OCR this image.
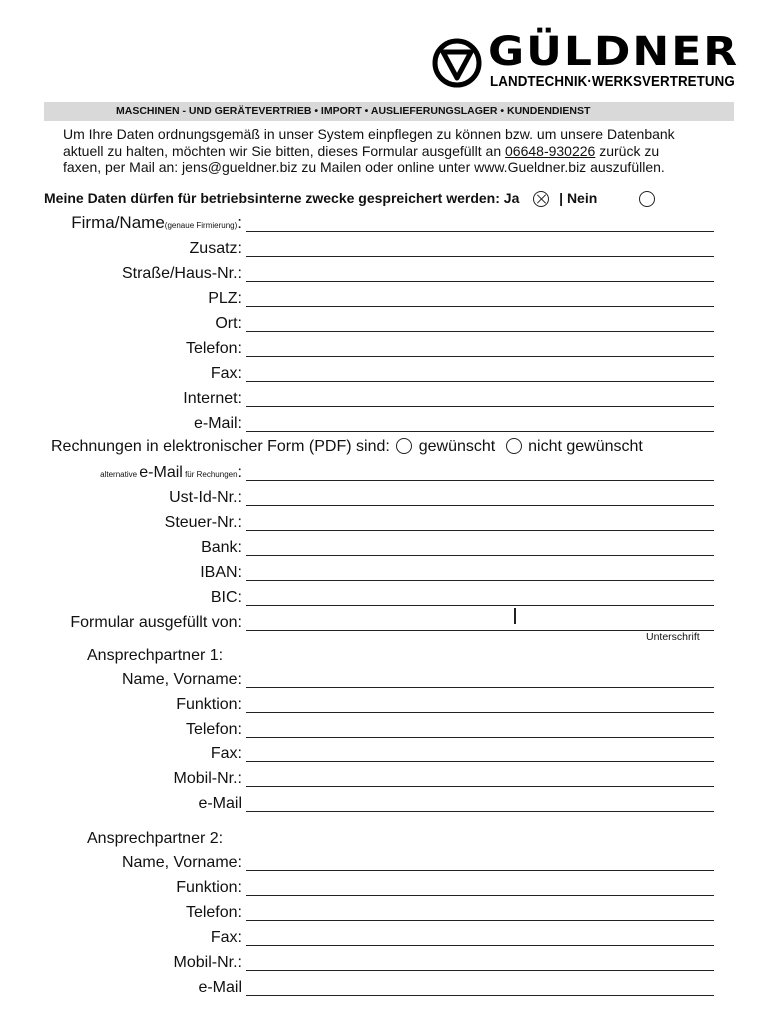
GÜLDNER
LANDTECHNIK·WERKSVERTRETUNG
MASCHINEN - UND GERÄTEVERTRIEB • IMPORT • AUSLIEFERUNGSLAGER • KUNDENDIENST
Um Ihre Daten ordnungsgemäß in unser System einpflegen zu können bzw. um unsere Datenbank
aktuell zu halten, möchten wir Sie bitten, dieses Formular ausgefüllt an 06648-930226 zurück zu
faxen, per Mail an: jens@gueldner.biz zu Mailen oder online unter www.Gueldner.biz auszufüllen.
Meine Daten dürfen für betriebsinterne zwecke gespreichert werden: Ja	| Nein
Firma/Name(genaue Firmierung):
Zusatz:
Straße/Haus-Nr.:
PLZ:
Ort:
Telefon:
Fax:
Internet:
e-Mail:
Rechnungen in elektronischer Form (PDF) sind: gewünscht nicht gewünscht
alternative e-Mail für Rechungen:
Ust-Id-Nr.:
Steuer-Nr.:
Bank:
IBAN:
BIC:
Formular ausgefüllt von:
Unterschrift
Ansprechpartner 1:
Name, Vorname:
Funktion:
Telefon:
Fax:
Mobil-Nr.:
e-Mail
Ansprechpartner 2:
Name, Vorname:
Funktion:
Telefon:
Fax:
Mobil-Nr.:
e-Mail
